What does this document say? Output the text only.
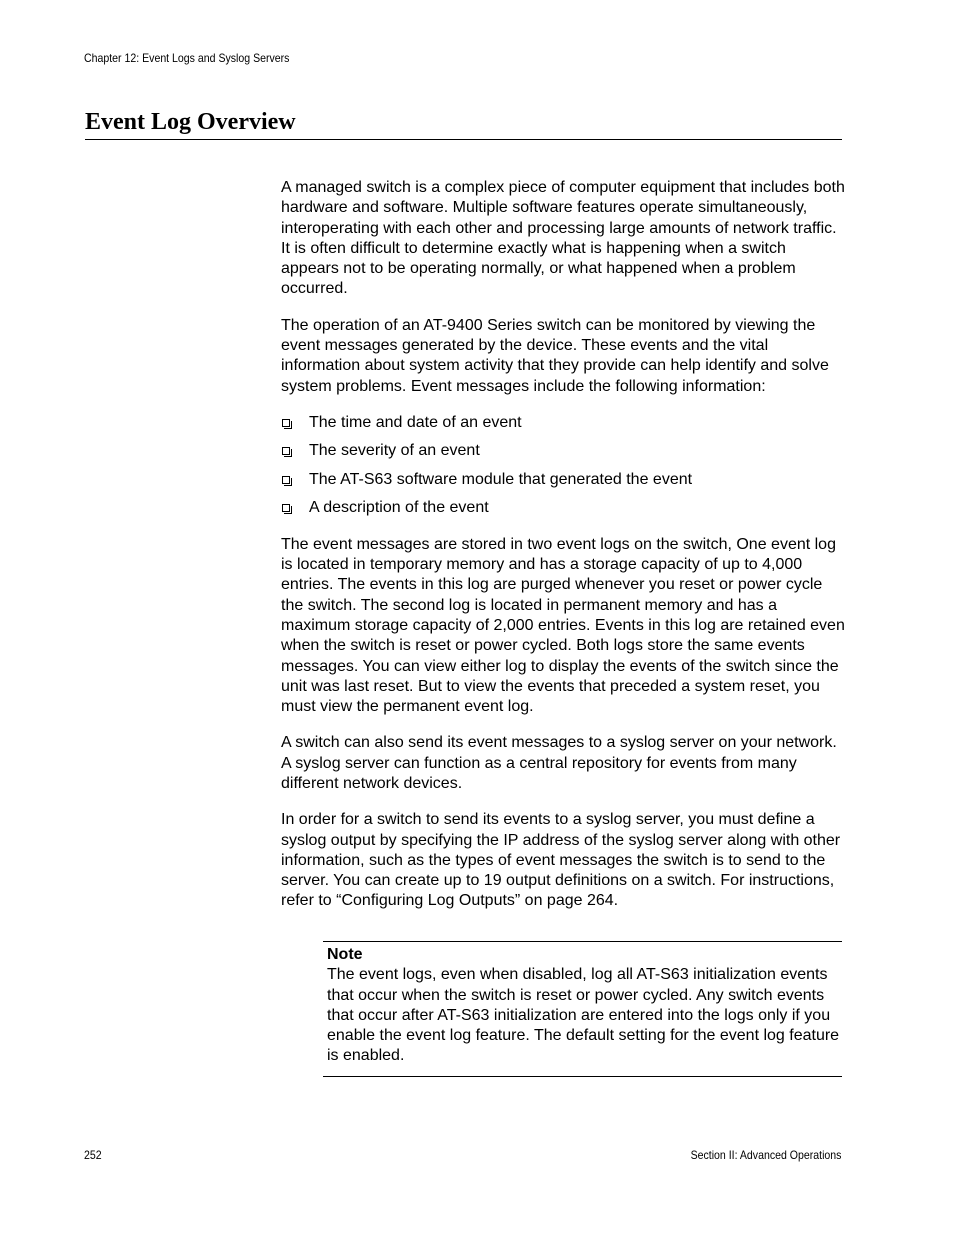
Chapter 12: Event Logs and Syslog Servers
Event Log Overview

A managed switch is a complex piece of computer equipment that includes both hardware and software. Multiple software features operate simultaneously, interoperating with each other and processing large amounts of network traffic. It is often difficult to determine exactly what is happening when a switch appears not to be operating normally, or what happened when a problem occurred.

The operation of an AT-9400 Series switch can be monitored by viewing the event messages generated by the device. These events and the vital information about system activity that they provide can help identify and solve system problems. Event messages include the following information:

The time and date of an event
The severity of an event
The AT-S63 software module that generated the event
A description of the event

The event messages are stored in two event logs on the switch, One event log is located in temporary memory and has a storage capacity of up to 4,000 entries. The events in this log are purged whenever you reset or power cycle the switch. The second log is located in permanent memory and has a maximum storage capacity of 2,000 entries. Events in this log are retained even when the switch is reset or power cycled. Both logs store the same events messages. You can view either log to display the events of the switch since the unit was last reset. But to view the events that preceded a system reset, you must view the permanent event log.

A switch can also send its event messages to a syslog server on your network. A syslog server can function as a central repository for events from many different network devices.

In order for a switch to send its events to a syslog server, you must define a syslog output by specifying the IP address of the syslog server along with other information, such as the types of event messages the switch is to send to the server. You can create up to 19 output definitions on a switch. For instructions, refer to “Configuring Log Outputs” on page 264.

Note
The event logs, even when disabled, log all AT-S63 initialization events that occur when the switch is reset or power cycled. Any switch events that occur after AT-S63 initialization are entered into the logs only if you enable the event log feature. The default setting for the event log feature is enabled.
252	Section II: Advanced Operations
